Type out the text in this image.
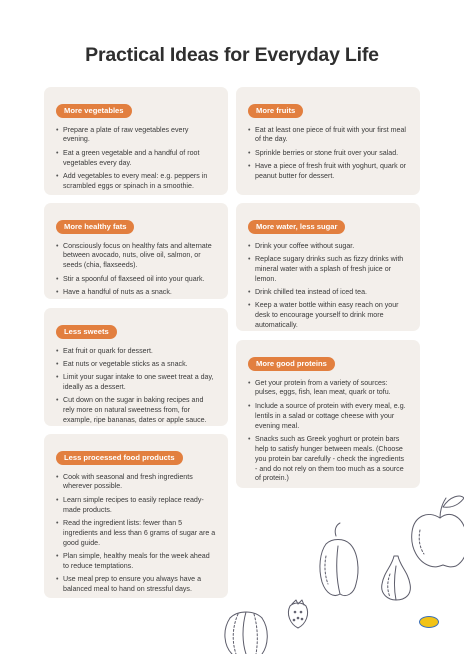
Practical Ideas for Everyday Life
More vegetables
• Prepare a plate of raw vegetables every evening.
• Eat a green vegetable and a handful of root vegetables every day.
• Add vegetables to every meal: e.g. peppers in scrambled eggs or spinach in a smoothie.
More fruits
• Eat at least one piece of fruit with your first meal of the day.
• Sprinkle berries or stone fruit over your salad.
• Have a piece of fresh fruit with yoghurt, quark or peanut butter for dessert.
More healthy fats
• Consciously focus on healthy fats and alternate between avocado, nuts, olive oil, salmon, or seeds (chia, flaxseeds).
• Stir a spoonful of flaxseed oil into your quark.
• Have a handful of nuts as a snack.
More water, less sugar
• Drink your coffee without sugar.
• Replace sugary drinks such as fizzy drinks with mineral water with a splash of fresh juice or lemon.
• Drink chilled tea instead of iced tea.
• Keep a water bottle within easy reach on your desk to encourage yourself to drink more automatically.
Less sweets
• Eat fruit or quark for dessert.
• Eat nuts or vegetable sticks as a snack.
• Limit your sugar intake to one sweet treat a day, ideally as a dessert.
• Cut down on the sugar in baking recipes and rely more on natural sweetness from, for example, ripe bananas, dates or apple sauce.
More good proteins
• Get your protein from a variety of sources: pulses, eggs, fish, lean meat, quark or tofu.
• Include a source of protein with every meal, e.g. lentils in a salad or cottage cheese with your evening meal.
• Snacks such as Greek yoghurt or protein bars help to satisfy hunger between meals. (Choose you protein bar carefully - check the ingredients - and do not rely on them too much as a source of protein.)
Less processed food products
• Cook with seasonal and fresh ingredients wherever possible.
• Learn simple recipes to easily replace ready-made products.
• Read the ingredient lists: fewer than 5 ingredients and less than 6 grams of sugar are a good guide.
• Plan simple, healthy meals for the week ahead to reduce temptations.
• Use meal prep to ensure you always have a balanced meal to hand on stressful days.
